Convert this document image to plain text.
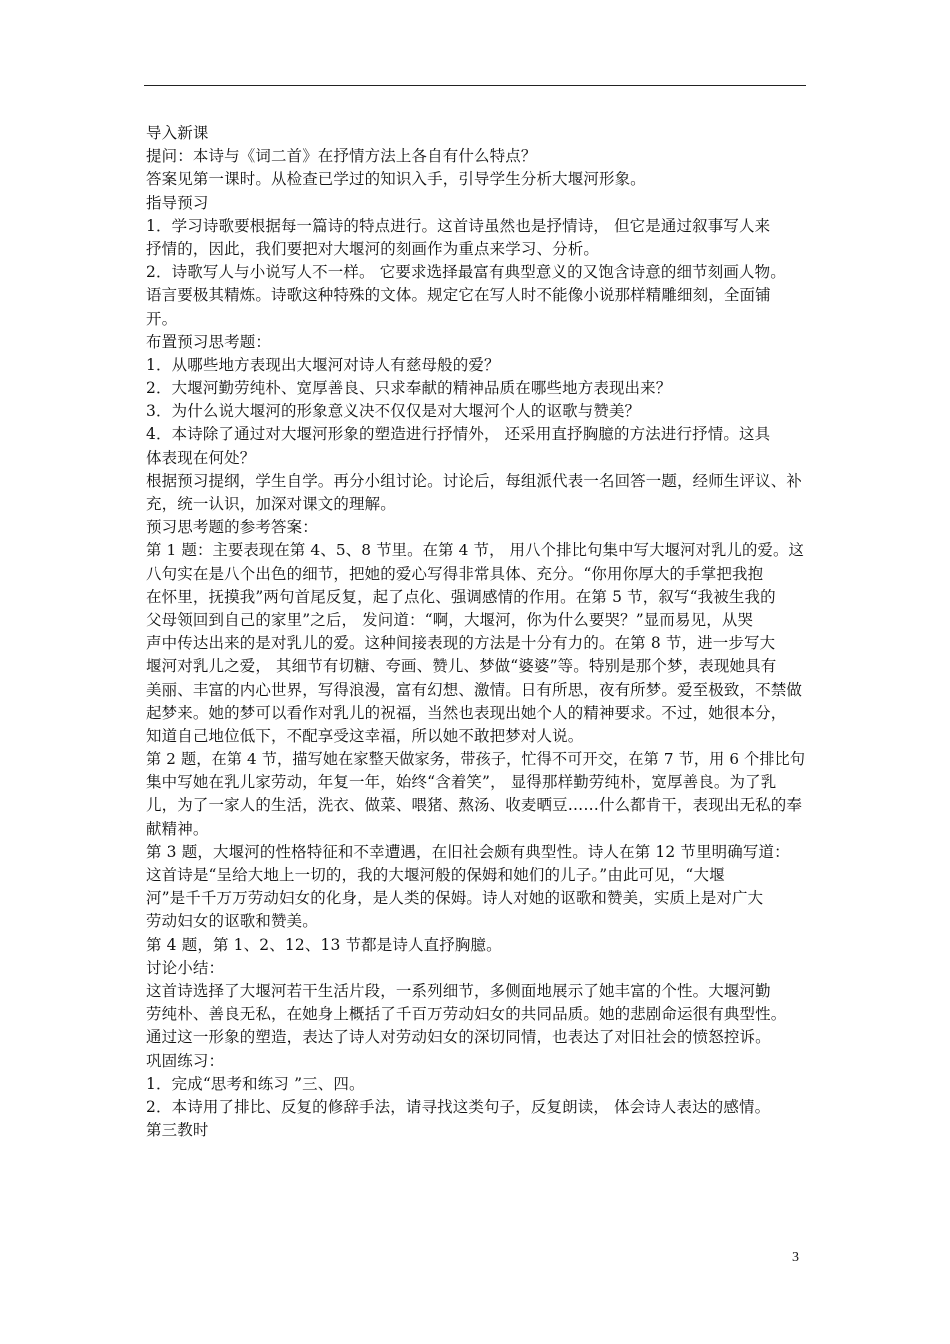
导入新课
提问：本诗与《词二首》在抒情方法上各自有什么特点？
答案见第一课时。从检查已学过的知识入手，引导学生分析大堰河形象。
指导预习
1．学习诗歌要根据每一篇诗的特点进行。这首诗虽然也是抒情诗， 但它是通过叙事写人来
抒情的，因此，我们要把对大堰河的刻画作为重点来学习、分析。
2．诗歌写人与小说写人不一样。 它要求选择最富有典型意义的又饱含诗意的细节刻画人物。
语言要极其精炼。诗歌这种特殊的文体。规定它在写人时不能像小说那样精雕细刻，全面铺
开。
布置预习思考题：
1．从哪些地方表现出大堰河对诗人有慈母般的爱？
2．大堰河勤劳纯朴、宽厚善良、只求奉献的精神品质在哪些地方表现出来？
3．为什么说大堰河的形象意义决不仅仅是对大堰河个人的讴歌与赞美？
4．本诗除了通过对大堰河形象的塑造进行抒情外， 还采用直抒胸臆的方法进行抒情。这具
体表现在何处？
根据预习提纲，学生自学。再分小组讨论。讨论后，每组派代表一名回答一题，经师生评议、补
充，统一认识，加深对课文的理解。
预习思考题的参考答案：
第 1 题：主要表现在第 4、5、8 节里。在第 4 节， 用八个排比句集中写大堰河对乳儿的爱。这
八句实在是八个出色的细节，把她的爱心写得非常具体、充分。“你用你厚大的手掌把我抱
在怀里，抚摸我”两句首尾反复，起了点化、强调感情的作用。在第 5 节，叙写“我被生我的
父母领回到自己的家里”之后， 发问道：“啊，大堰河，你为什么要哭？”显而易见，从哭
声中传达出来的是对乳儿的爱。这种间接表现的方法是十分有力的。在第 8 节，进一步写大
堰河对乳儿之爱， 其细节有切糖、夸画、赞儿、梦做“婆婆”等。特别是那个梦，表现她具有
美丽、丰富的内心世界，写得浪漫，富有幻想、激情。日有所思，夜有所梦。爱至极致，不禁做
起梦来。她的梦可以看作对乳儿的祝福，当然也表现出她个人的精神要求。不过，她很本分，
知道自己地位低下，不配享受这幸福，所以她不敢把梦对人说。
第 2 题，在第 4 节，描写她在家整天做家务，带孩子，忙得不可开交，在第 7 节，用 6 个排比句
集中写她在乳儿家劳动，年复一年，始终“含着笑”， 显得那样勤劳纯朴，宽厚善良。为了乳
儿，为了一家人的生活，洗衣、做菜、喂猪、熬汤、收麦晒豆……什么都肯干，表现出无私的奉
献精神。
第 3 题，大堰河的性格特征和不幸遭遇，在旧社会颇有典型性。诗人在第 12 节里明确写道：
这首诗是“呈给大地上一切的，我的大堰河般的保姆和她们的儿子。”由此可见，“大堰
河”是千千万万劳动妇女的化身，是人类的保姆。诗人对她的讴歌和赞美，实质上是对广大
劳动妇女的讴歌和赞美。
第 4 题，第 1、2、12、13 节都是诗人直抒胸臆。
讨论小结：
这首诗选择了大堰河若干生活片段，一系列细节，多侧面地展示了她丰富的个性。大堰河勤
劳纯朴、善良无私，在她身上概括了千百万劳动妇女的共同品质。她的悲剧命运很有典型性。
通过这一形象的塑造，表达了诗人对劳动妇女的深切同情，也表达了对旧社会的愤怒控诉。
巩固练习：
1．完成“思考和练习 ”三、四。
2．本诗用了排比、反复的修辞手法，请寻找这类句子，反复朗读， 体会诗人表达的感情。
第三教时
3
